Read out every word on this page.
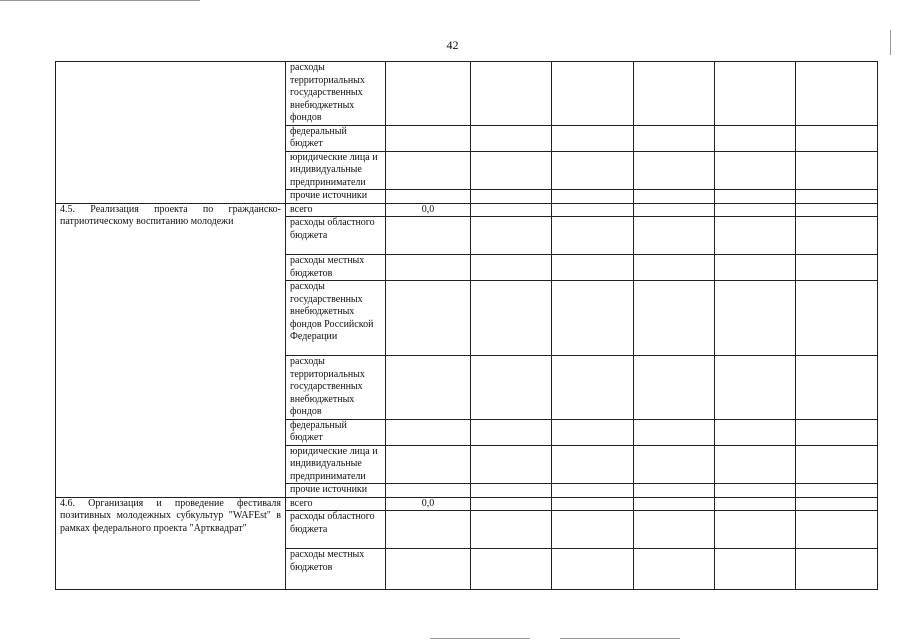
42
	расходы территориальных государственных внебюджетных фондов						
	федеральный бюджет						
	юридические лица и индивидуальные предприниматели						
	прочие источники						
4.5. Реализация проекта по гражданско-патриотическому воспитанию молодежи	всего	0,0					
	расходы областного бюджета						
	расходы местных бюджетов						
	расходы государственных внебюджетных фондов Российской Федерации						
	расходы территориальных государственных внебюджетных фондов						
	федеральный бюджет						
	юридические лица и индивидуальные предприниматели						
	прочие источники						
4.6. Организация и проведение фестиваля позитивных молодежных субкультур "WAFEst" в рамках федерального проекта "Артквадрат"	всего	0,0					
	расходы областного бюджета						
	расходы местных бюджетов						
